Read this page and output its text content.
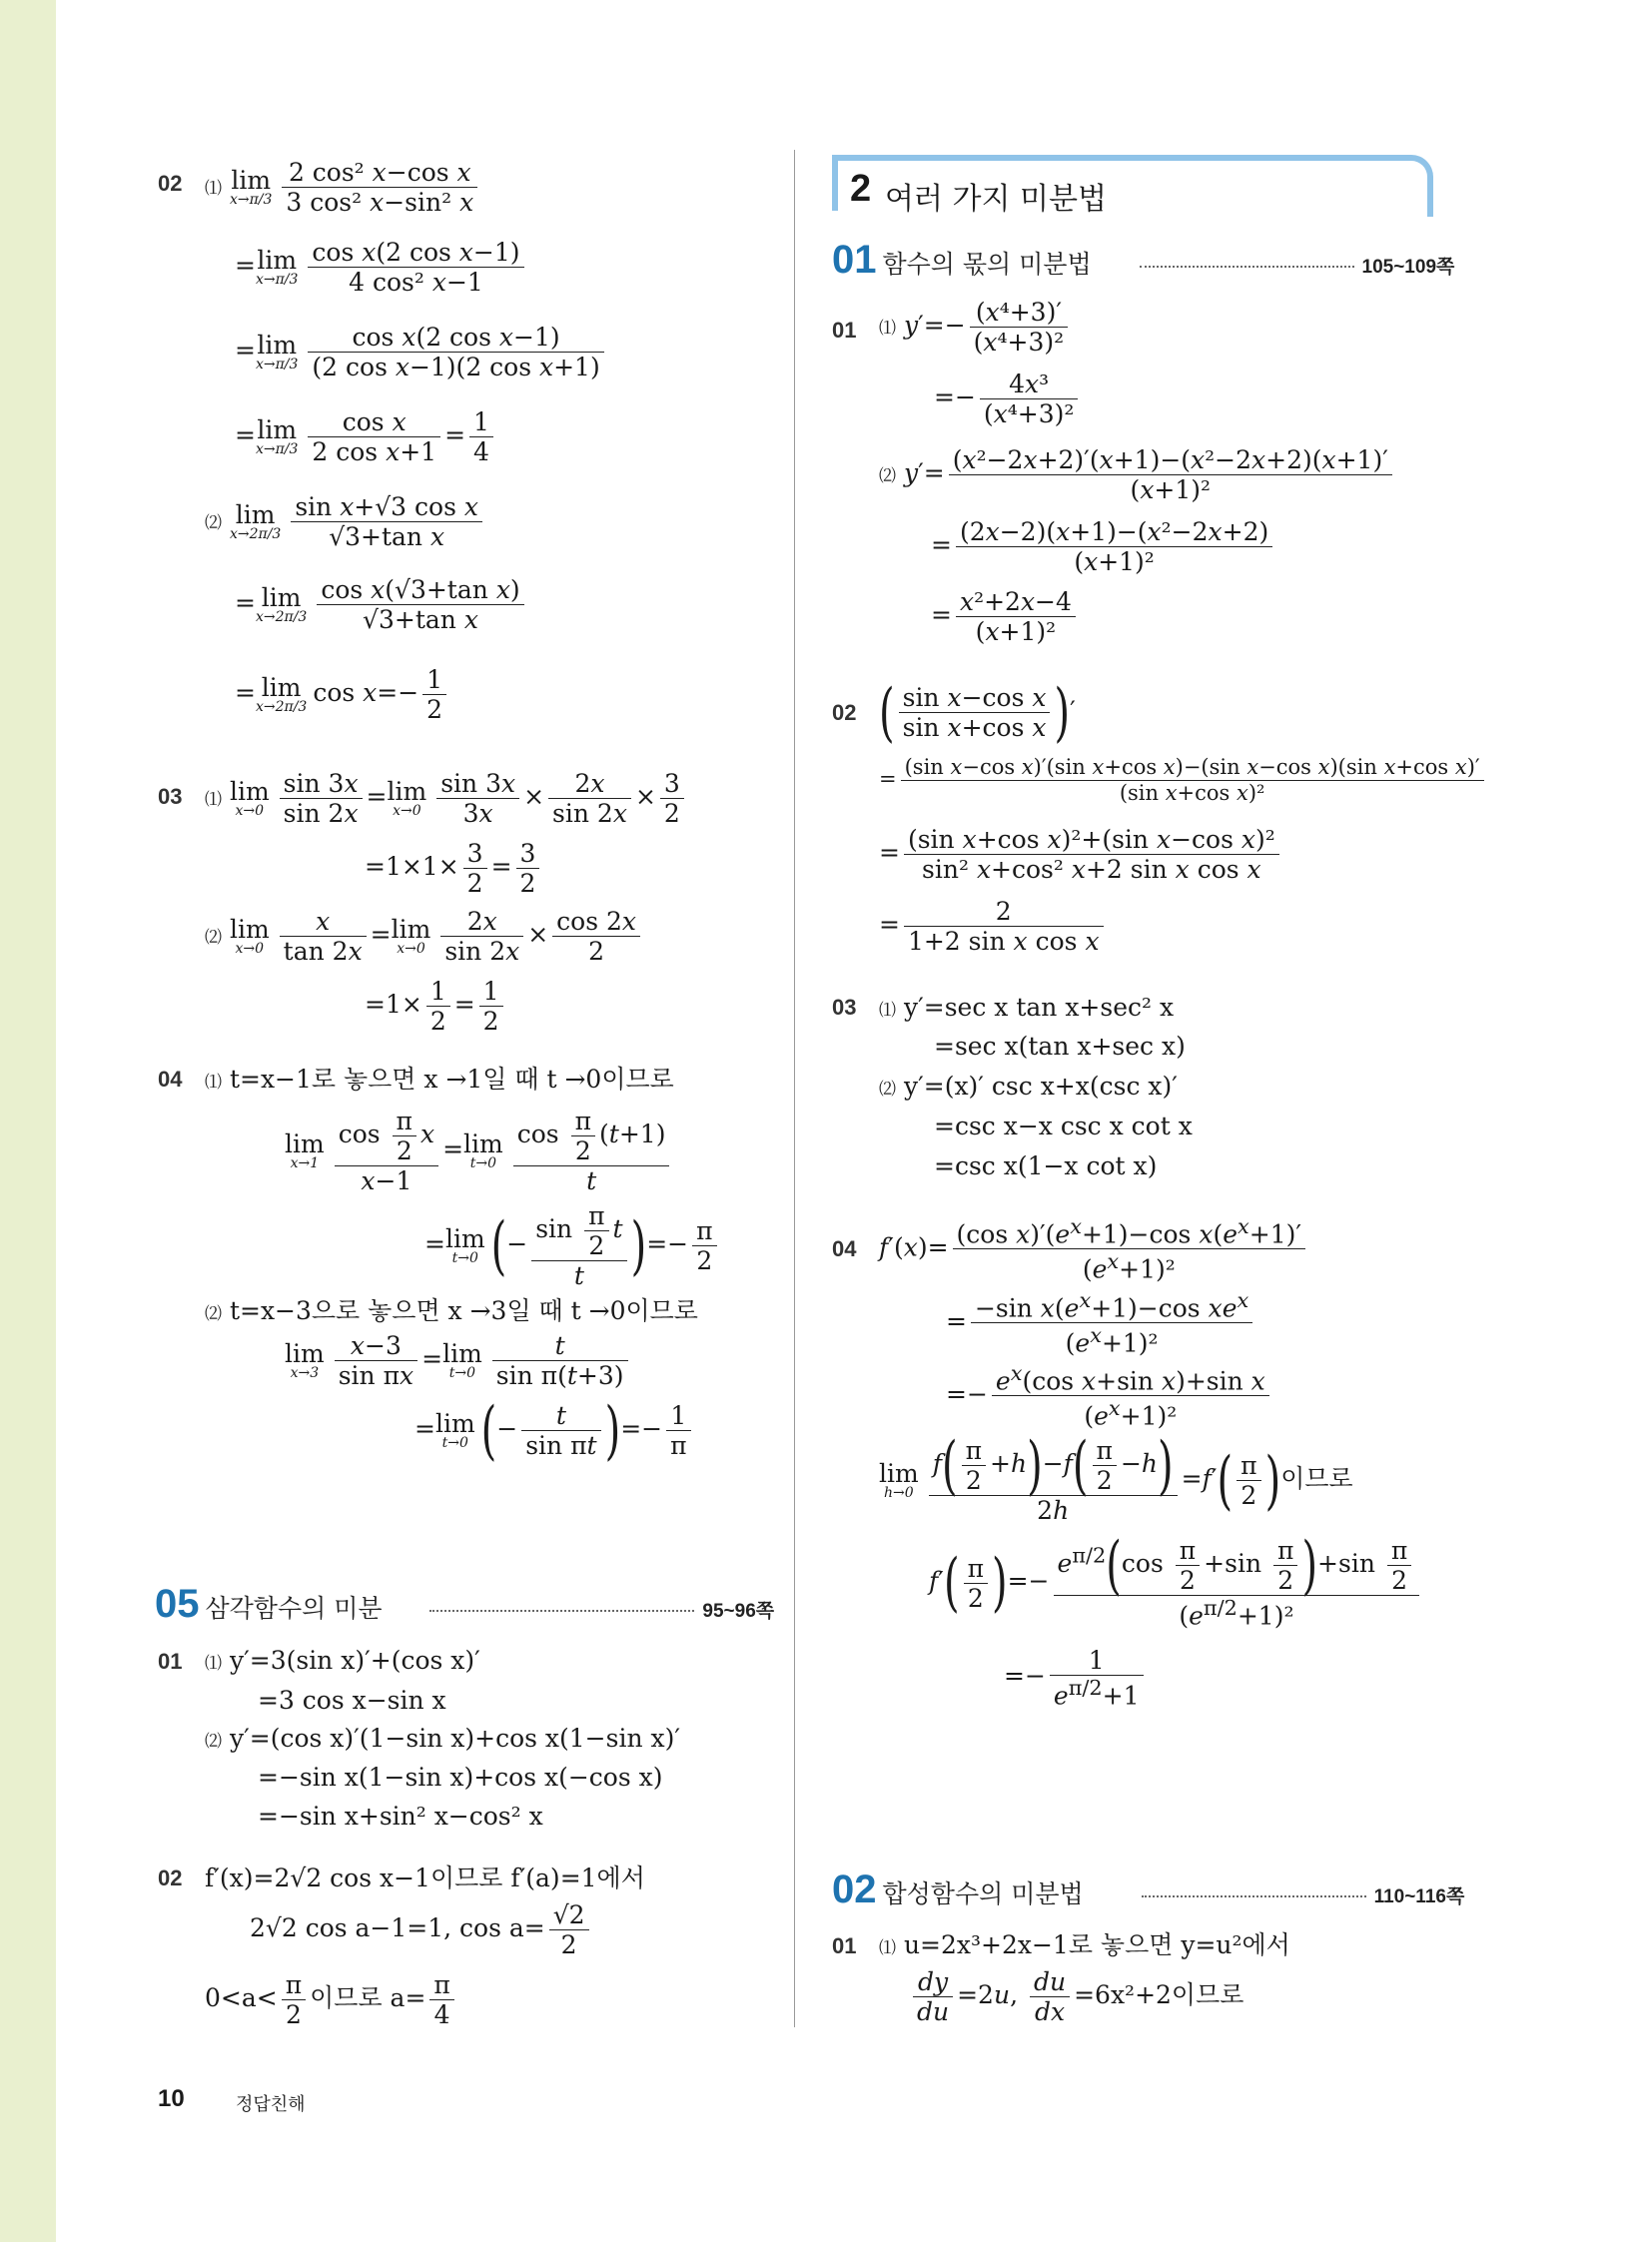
02 ⑴ lim
$x\to\pi/3 \frac{\text{2 cos² x−cos x}}{\text{3 cos² x−sin² x}}$
= lim
$x\to\pi/3 \frac{\text{cos x(2 cos x−1)}}{\text{4 cos² x−1}}$
= lim
$x\to\pi/3 \frac{\text{cos x(2 cos x−1)}}{\text{(2 cos x−1)(2 cos x+1)}}$
= lim
$x\to\pi/3 \frac{\text{cos x}}{\text{2 cos x+1}} = \frac{1}{4}$
⑵ lim
$x\to 2\pi/3 \frac{\text{sin x+√3 cos x}}{\text{√3+tan x}}$
= lim
$x\to 2\pi/3 \frac{\text{cos x(√3+tan x)}}{\text{√3+tan x}}$
= lim
x→2π/3 $\cos x=- \frac{1}{2}$
03 ⑴ lim
$x\to 0 \frac{\sin 3x}{\sin 2x} = \lim$
$x\to 0 \frac{\sin 3x}{3x} \times \frac{2x}{\sin 2x} \times \frac{3}{2}$
$=1\times 1\times \frac{3}{2} = \frac{3}{2}$
⑵ lim
$x\to 0 \frac{x}{\tan 2x} = \lim$
$x\to 0 \frac{2x}{\sin 2x} \times \frac{\cos 2x}{2}$
$=1\times \frac{1}{2} = \frac{1}{2}$
04 ⑴ t=x−1로 놓으면 x →1일 때 t →0이므로
lim
$x\to 1 \frac{\cos \frac{\pi}{2} x}{x-1} = \lim$
$t\to 0 \frac{\cos \frac{\pi}{2} (t+1)}{t}$
= lim
t→0 (− $\frac{\sin \frac{\pi}{2} t}{t}$ )=− $\frac{\pi}{2}$
⑵ t=x−3으로 놓으면 x →3일 때 t →0이므로
lim
$x\to 3 \frac{x-3}{\text{sin πx}} = \lim$
$t\to 0 \frac{t}{\text{sin π(t+3)}}$
= lim
t→0 (− $\frac{t}{\text{sin πt}}$ )=− $\frac{1}{\pi}$
05 삼각함수의 미분	95~96쪽
01 ⑴ y′=3(sin x)′+(cos x)′
=3 cos x−sin x
⑵ y′=(cos x)′(1−sin x)+cos x(1−sin x)′
=−sin x(1−sin x)+cos x(−cos x)
=−sin x+sin² x−cos² x
02 f′(x)=2√2 cos x−1이므로 f′(a)=1에서
2√2 cos a−1=1, $\cos a= \frac{√2}{2}$
$0<a< \frac{\pi}{2}$ 이므로 $a= \frac{\pi}{4}$
2 여러 가지 미분법
01 함수의 몫의 미분법	105~109쪽
01 ⑴ $y'=- \frac{\text{(x⁴+3)′}}{\text{(x⁴+3)²}}$
=− $\frac{\text{4x³}}{\text{(x⁴+3)²}}$
⑵ $y'= \frac{\text{(x²−2x+2)′(x+1)−(x²−2x+2)(x+1)′}}{\text{(x+1)²}}$
= $\frac{\text{(2x−2)(x+1)−(x²−2x+2)}}{\text{(x+1)²}}$
= $\frac{\text{x²+2x−4}}{\text{(x+1)²}}$
02 ( $\frac{\text{sin x−cos x}}{\text{sin x+cos x}}$ )′
= $\frac{\text{(sin x−cos x)′(sin x+cos x)−(sin x−cos x)(sin x+cos x)′}}{\text{(sin x+cos x)²}}$
= $\frac{\text{(sin x+cos x)²+(sin x−cos x)²}}{\text{sin² x+cos² x+2 sin x cos x}}$
= $\frac{2}{\text{1+2 sin x cos x}}$
03 ⑴ y′=sec x tan x+sec² x
=sec x(tan x+sec x)
⑵ y′=(x)′ csc x+x(csc x)′
=csc x−x csc x cot x
=csc x(1−x cot x)
04 $f'(x)= \frac{(\cos x)'(e^x+1)-\cos x(e^x+1)'}{(e^x+1)^2}$
= −sin $x(e^x+1)-\cos$ $xe^x$
$(e^x+1)^2$
=− $\frac{e^x(\cos x+\sin x)+\sin x}{(e^x+1)^2}$
lim
$h\to 0 \frac{f( \frac{\pi}{2} +h)-f( \frac{\pi}{2} -h)}{2h} =f'( \frac{\pi}{2}$ )이므로
$f'( \frac{\pi}{2}$ )=− $\frac{e^{\pi/2}(\cos \frac{\pi}{2} +\sin \frac{\pi}{2} )+\sin \frac{\pi}{2}}{(e^{\pi/2}+1)^2}$
=− $\frac{1}{e^{\pi/2}+1}$
02 합성함수의 미분법	110~116쪽
01 ⑴ u=2x³+2x−1로 놓으면 y=u²에서
$\frac{dy}{du} =2u$, $\frac{du}{dx} =6x^2+2$이므로
10	정답친해
